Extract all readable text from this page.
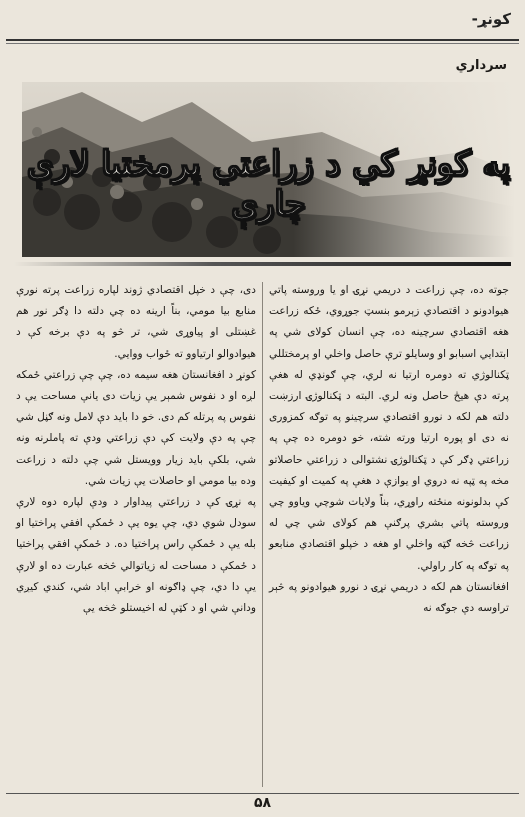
کونړ-
سرداري
په کونړ کي د زراعتي پرمختيا لارې چارې

جوته ده، چې زراعت د دريمي نړۍ او يا وروسته پاتي هيوادونو د اقتصادي زېرمو بنسټ جوړوي، ځکه زراعت هغه اقتصادي سرچينه ده، چې انسان کولای شي په ابتدايي اسبابو او وسايلو ترې حاصل واخلي او پرمختللي ټکنالوژي ته دومره ارتيا نه لري، چې ګونډي له هغې پرته دې هيڅ حاصل ونه لري. البته د ټکنالوژۍ ارزښت دلته هم لکه د نورو اقتصادي سرچينو په توګه کمزوری نه دی او پوره ارتيا ورته شته، خو دومره ده چې په زراعتي ډګر کې د ټکنالوژۍ نشتوالی د زراعتي حاصلاتو مخه په ټپه نه دروي او يوازې د هغې په کميت او کيفيت کې بدلونونه منځته راوړي، بناً ولايات شوچي وياوو چي وروسته پاتي بشري پرګنې هم کولای شي چي له زراعت څخه ګټه واخلي او هغه د خپلو اقتصادي منابعو په توګه په کار راولي.

افغانستان هم لکه د دريمي نړۍ د نورو هيوادونو په څېر تراوسه دې جوګه نه

دی، چې د خپل اقتصادي ژوند لپاره زراعت پرته نورې منابع بيا مومي، بناً ارينه ده چي دلته دا ډګر نور هم غښتلی او پياوړی شي، تر څو په دې برخه کې د هيوادوالو ارتياوو ته ځواب ووايي.

کونړ د افغانستان هغه سيمه ده، چې چې زراعتي ځمکه لږه او د نفوس شمېر يې زيات دی يانې مساحت يې د نفوس په پرتله کم دی. خو دا بايد دې لامل ونه ګڼل شي چې په دې ولايت کې دې زراعتي ودې ته پاملرنه ونه شي، بلکې بايد زيار وويستل شي چې دلته د زراعت وده بيا مومي او حاصلات يې زيات شي.

په نړۍ کې د زراعتي پيداوار د ودې لپاره دوه لارې سودل شوي دي، چې يوه يې د ځمکې افقي پراختيا او بله يې د ځمکې راس پراختيا ده. د ځمکې افقي پراختيا د ځمکې د مساحت له زياتوالي څخه عبارت ده او لارې يې دا دي، چې ډاګونه او خرابې اباد شي، کندي کيږي ودانې شي او د کټې له اخيستلو څخه يې

۵۸
